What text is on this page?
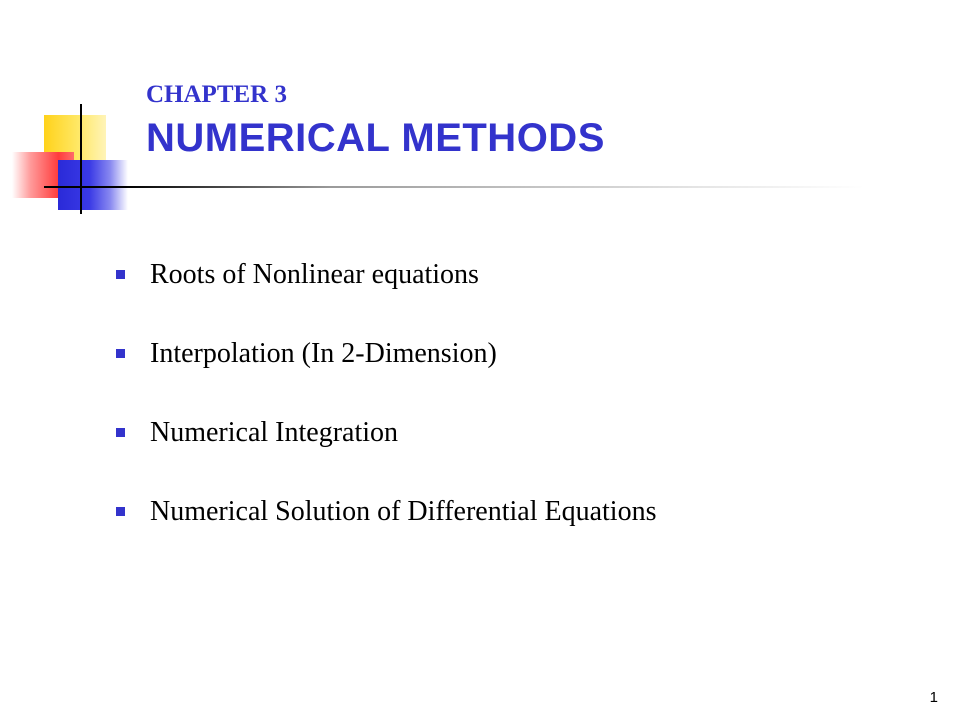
CHAPTER 3
NUMERICAL METHODS
Roots of Nonlinear equations
Interpolation (In 2-Dimension)
Numerical Integration
Numerical Solution of Differential Equations
1
